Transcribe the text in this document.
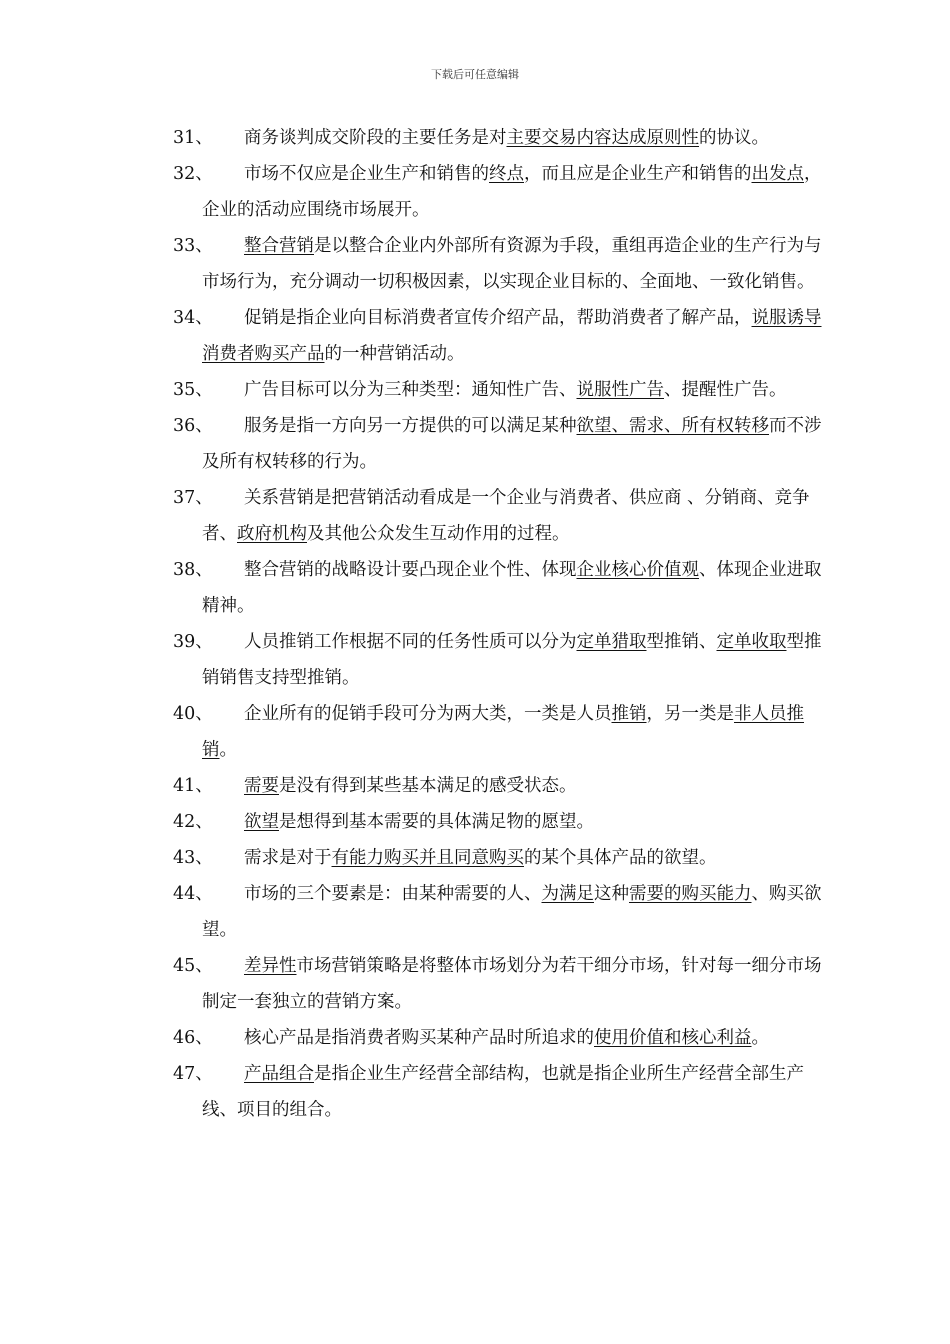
下载后可任意编辑
31、	商务谈判成交阶段的主要任务是对主要交易内容达成原则性的协议。
32、	市场不仅应是企业生产和销售的终点，而且应是企业生产和销售的出发点，企业的活动应围绕市场展开。
33、	整合营销是以整合企业内外部所有资源为手段，重组再造企业的生产行为与市场行为，充分调动一切积极因素，以实现企业目标的、全面地、一致化销售。
34、	促销是指企业向目标消费者宣传介绍产品，帮助消费者了解产品，说服诱导消费者购买产品的一种营销活动。
35、	广告目标可以分为三种类型：通知性广告、说服性广告、提醒性广告。
36、	服务是指一方向另一方提供的可以满足某种欲望、需求、所有权转移而不涉及所有权转移的行为。
37、	关系营销是把营销活动看成是一个企业与消费者、供应商 、分销商、竞争者、政府机构及其他公众发生互动作用的过程。
38、	整合营销的战略设计要凸现企业个性、体现企业核心价值观、体现企业进取精神。
39、	人员推销工作根据不同的任务性质可以分为定单猎取型推销、定单收取型推销销售支持型推销。
40、	企业所有的促销手段可分为两大类，一类是人员推销，另一类是非人员推销。
41、	需要是没有得到某些基本满足的感受状态。
42、	欲望是想得到基本需要的具体满足物的愿望。
43、	需求是对于有能力购买并且同意购买的某个具体产品的欲望。
44、	市场的三个要素是：由某种需要的人、为满足这种需要的购买能力、购买欲望。
45、	差异性市场营销策略是将整体市场划分为若干细分市场，针对每一细分市场制定一套独立的营销方案。
46、	核心产品是指消费者购买某种产品时所追求的使用价值和核心利益。
47、	产品组合是指企业生产经营全部结构，也就是指企业所生产经营全部生产线、项目的组合。
